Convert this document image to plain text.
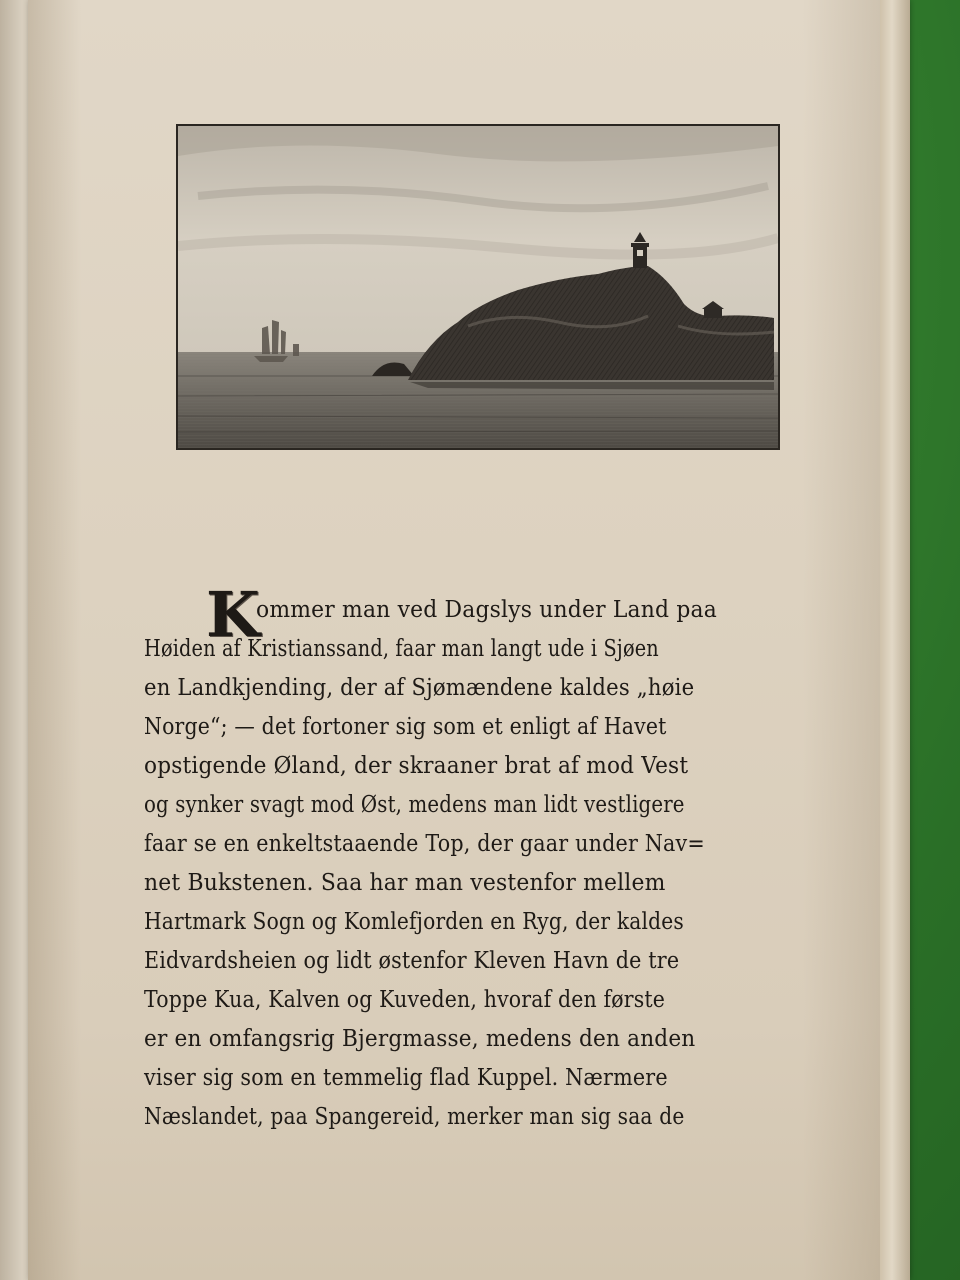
K
ommer man ved Dagslys under Land paa
Høiden af Kristianssand, faar man langt ude i Sjøen
en Landkjending, der af Sjømændene kaldes „høie
Norge“; — det fortoner sig som et enligt af Havet
opstigende Øland, der skraaner brat af mod Vest
og synker svagt mod Øst, medens man lidt vestligere
faar se en enkeltstaaende Top, der gaar under Nav=
net Bukstenen. Saa har man vestenfor mellem
Hartmark Sogn og Komlefjorden en Ryg, der kaldes
Eidvardsheien og lidt østenfor Kleven Havn de tre
Toppe Kua, Kalven og Kuveden, hvoraf den første
er en omfangsrig Bjergmasse, medens den anden
viser sig som en temmelig flad Kuppel. Nærmere
Næslandet, paa Spangereid, merker man sig saa de
